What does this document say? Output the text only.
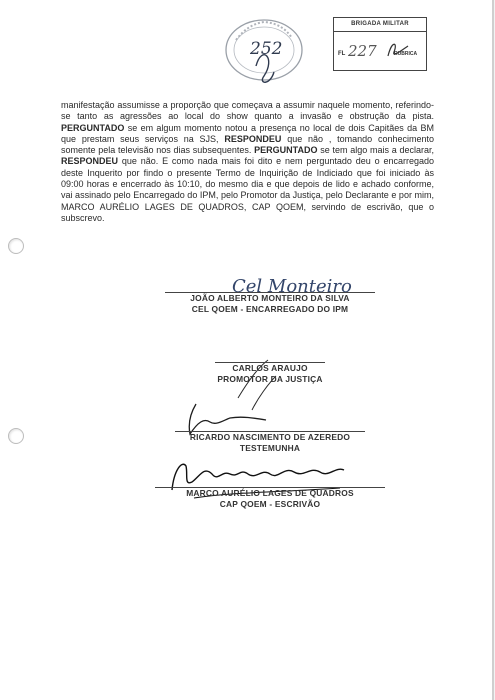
252
BRIGADA MILITAR
FL 227	RUBRICA
manifestação assumisse a proporção que começava a assumir naquele momento, referindo-se tanto as agressões ao local do show quanto a invasão e obstrução da pista. PERGUNTADO se em algum momento notou a presença no local de dois Capitães da BM que prestam seus serviços na SJS, RESPONDEU que não , tomando conhecimento somente pela televisão nos dias subsequentes. PERGUNTADO se tem algo mais a declarar, RESPONDEU que não. E como nada mais foi dito e nem perguntado deu o encarregado deste Inquerito por findo o presente Termo de Inquirição de Indiciado que foi iniciado às 09:00 horas e encerrado às 10:10, do mesmo dia e que depois de lido e achado conforme, vai assinado pelo Encarregado do IPM, pelo Promotor da Justiça, pelo Declarante e por mim, MARCO AURÉLIO LAGES DE QUADROS, CAP QOEM, servindo de escrivão, que o subscrevo.
Cel Monteiro
JOÃO ALBERTO MONTEIRO DA SILVA
CEL QOEM - ENCARREGADO DO IPM
CARLOS ARAUJO
PROMOTOR DA JUSTIÇA
RICARDO NASCIMENTO DE AZEREDO
TESTEMUNHA
MARCO AURÉLIO LAGES DE QUADROS
CAP QOEM - ESCRIVÃO
